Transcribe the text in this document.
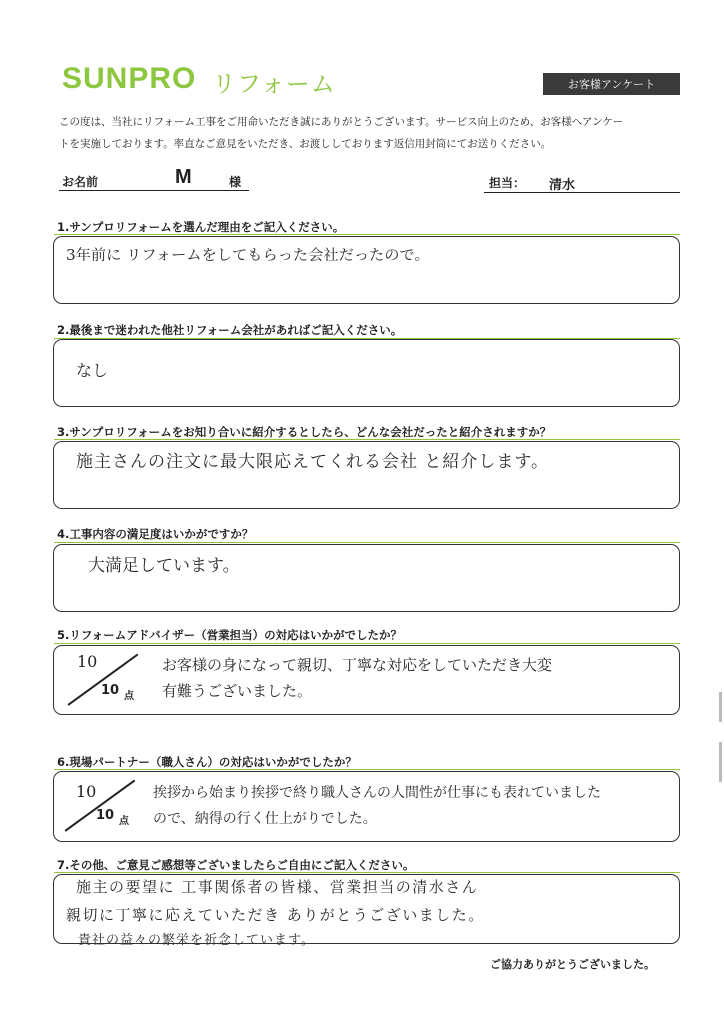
SUNPRO リフォーム	お客様アンケート
この度は、当社にリフォーム工事をご用命いただき誠にありがとうございます。サービス向上のため、お客様へアンケー
トを実施しております。率直なご意見をいただき、お渡ししております返信用封筒にてお送りください。
お名前	M	様	担当： 清水
1.サンプロリフォームを選んだ理由をご記入ください。
3年前に リフォームをしてもらった会社だったので。
2.最後まで迷われた他社リフォーム会社があればご記入ください。
なし
3.サンプロリフォームをお知り合いに紹介するとしたら、どんな会社だったと紹介されますか？
施主さんの注文に最大限応えてくれる会社 と紹介します。
4.工事内容の満足度はいかがですか？
大満足しています。
5.リフォームアドバイザー（営業担当）の対応はいかがでしたか？
10
10 点
お客様の身になって親切、丁寧な対応をしていただき大変
有難うございました。
6.現場パートナー（職人さん）の対応はいかがでしたか？
10
10 点
挨拶から始まり挨拶で終り職人さんの人間性が仕事にも表れていました
ので、納得の行く仕上がりでした。
7.その他、ご意見ご感想等ございましたらご自由にご記入ください。
施主の要望に 工事関係者の皆様、営業担当の清水さん
親切に丁寧に応えていただき ありがとうございました。
貴社の益々の繁栄を祈念しています。
ご協力ありがとうございました。
